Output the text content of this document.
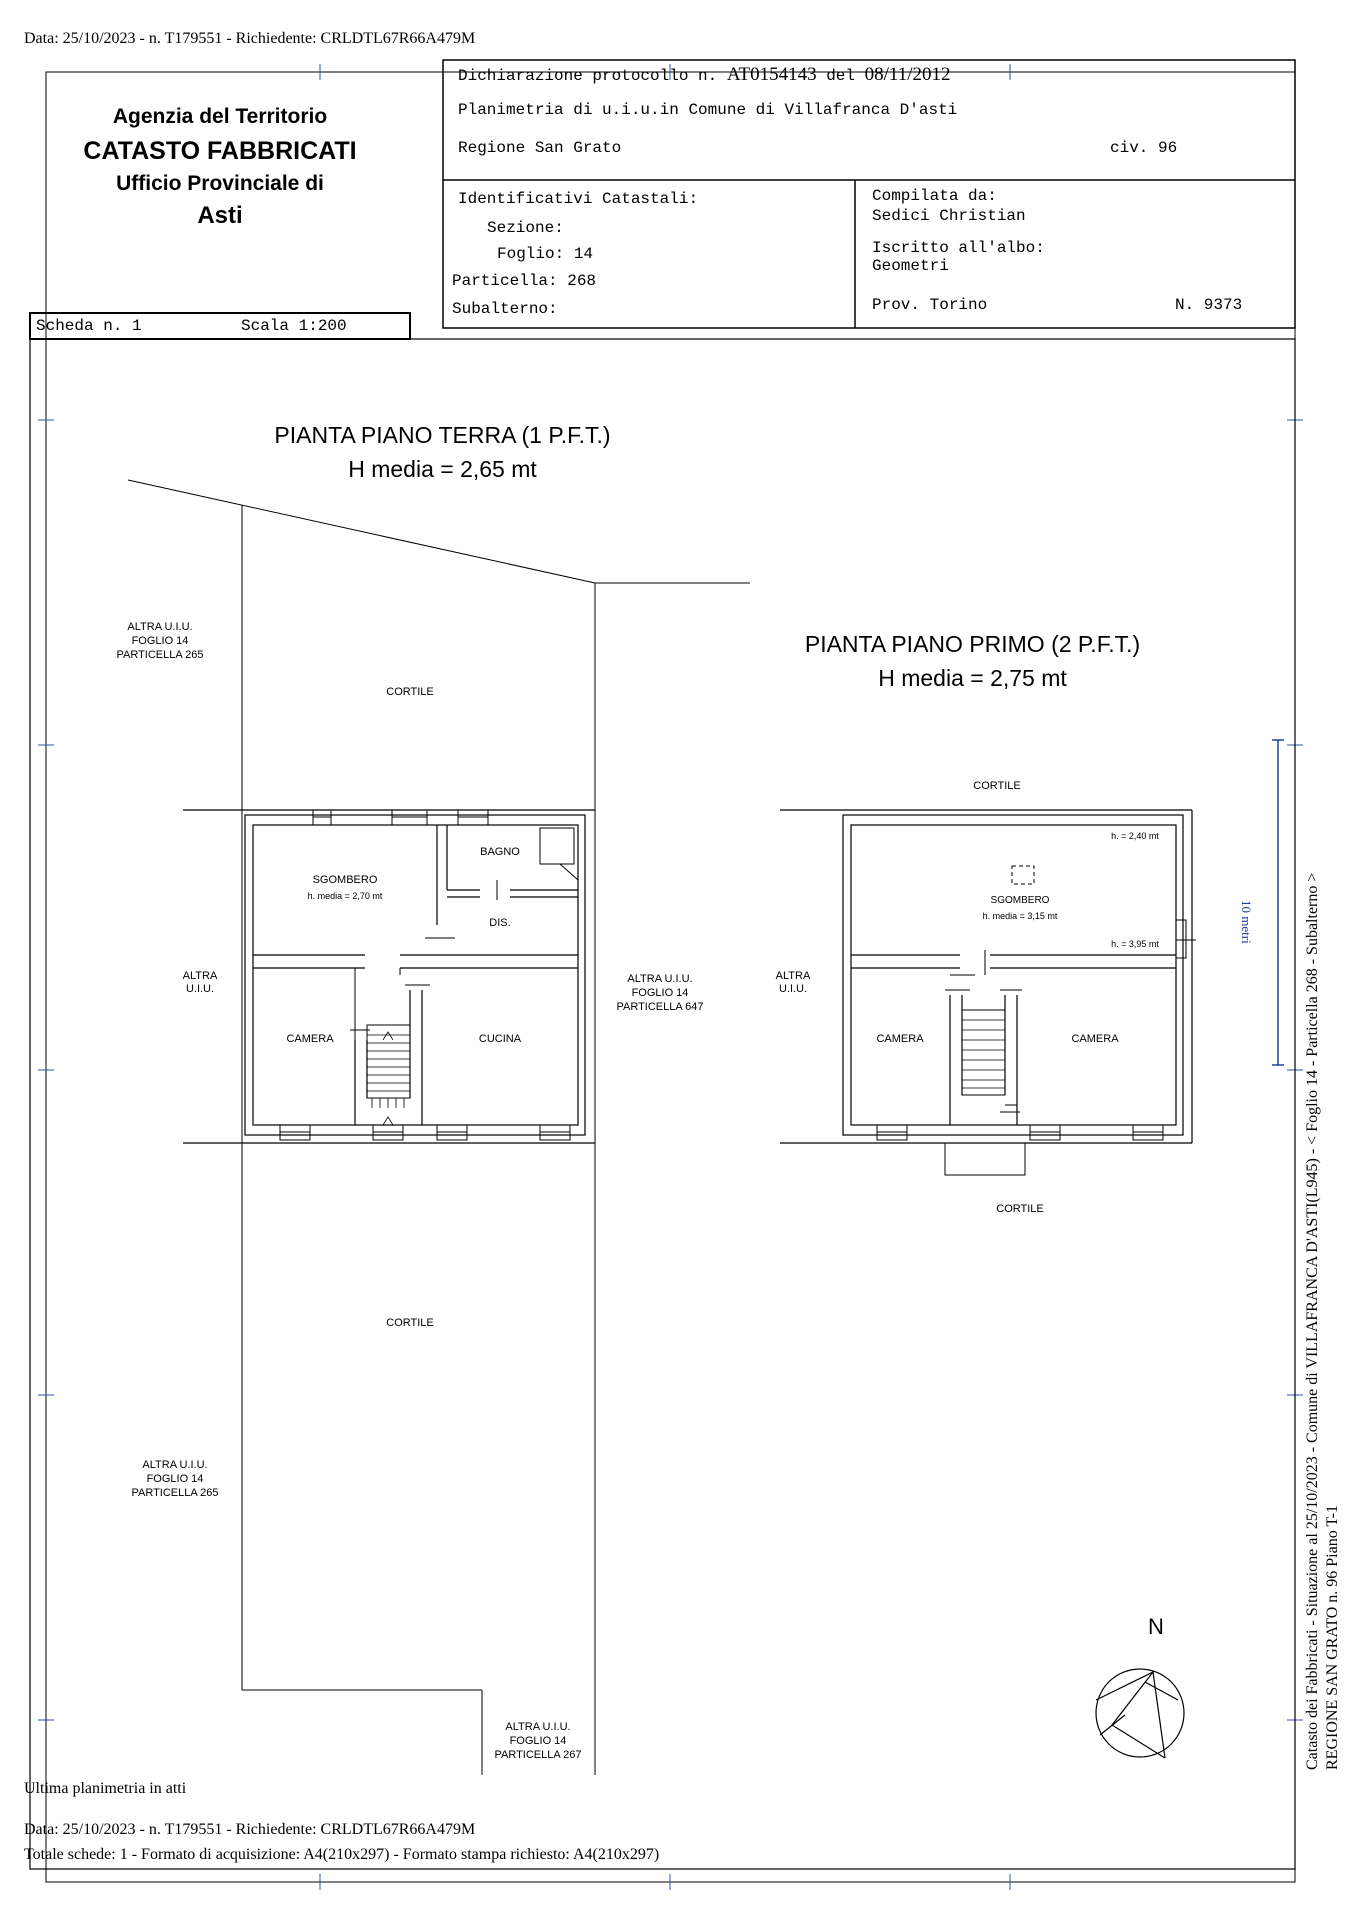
Data: 25/10/2023 - n. T179551 - Richiedente: CRLDTL67R66A479M
Agenzia del Territorio
CATASTO FABBRICATI
Ufficio Provinciale di
Asti
Dichiarazione protocollo n. AT0154143 del 08/11/2012
Planimetria di u.i.u.in Comune di Villafranca D'asti
Regione San Grato	civ. 96
Identificativi Catastali:
Sezione:
Foglio: 14
Particella: 268
Subalterno:
Compilata da:
Sedici Christian
Iscritto all'albo:
Geometri
Prov. Torino	N. 9373
Scheda n. 1	Scala 1:200
PIANTA PIANO TERRA (1 P.F.T.)
H media = 2,65 mt
PIANTA PIANO PRIMO (2 P.F.T.)
H media = 2,75 mt
ALTRA U.I.U.
FOGLIO 14
PARTICELLA 265
CORTILE
SGOMBERO
h. media = 2,70 mt
BAGNO
DIS.
ALTRA
U.I.U.
CAMERA	CUCINA
ALTRA U.I.U.
FOGLIO 14
PARTICELLA 647
CORTILE
ALTRA U.I.U.
FOGLIO 14
PARTICELLA 265
ALTRA U.I.U.
FOGLIO 14
PARTICELLA 267
CORTILE
h. = 2,40 mt
SGOMBERO
h. media = 3,15 mt
h. = 3,95 mt
ALTRA
U.I.U.
CAMERA	CAMERA
CORTILE
N
10 metri	Catasto dei Fabbricati - Situazione al 25/10/2023 - Comune di VILLAFRANCA D'ASTI(L945) - < Foglio 14 - Particella 268 - Subalterno > REGIONE SAN GRATO n. 96 Piano T-1
Ultima planimetria in atti
Data: 25/10/2023 - n. T179551 - Richiedente: CRLDTL67R66A479M
Totale schede: 1 - Formato di acquisizione: A4(210x297) - Formato stampa richiesto: A4(210x297)
